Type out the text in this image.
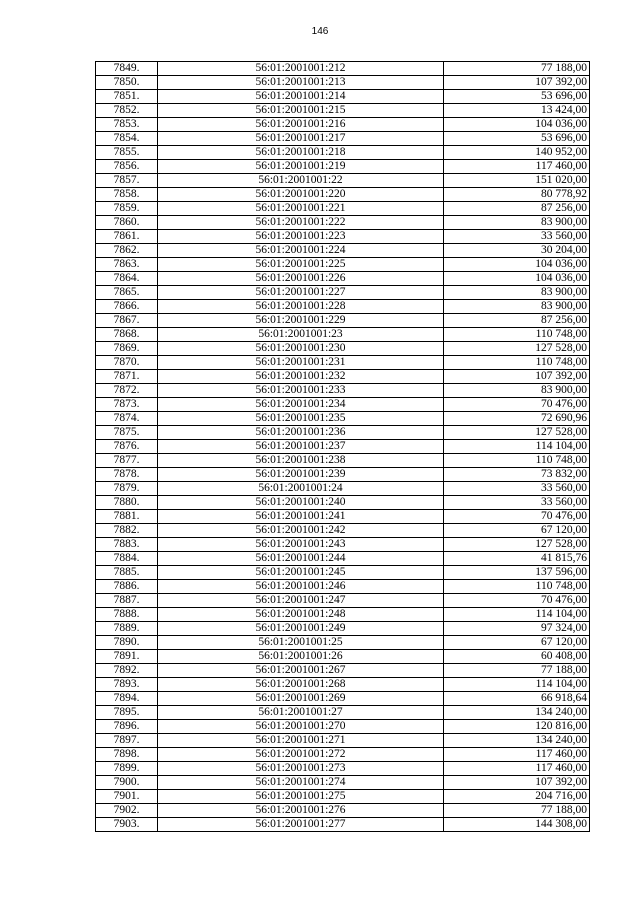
146
7849.	56:01:2001001:212	77 188,00
7850.	56:01:2001001:213	107 392,00
7851.	56:01:2001001:214	53 696,00
7852.	56:01:2001001:215	13 424,00
7853.	56:01:2001001:216	104 036,00
7854.	56:01:2001001:217	53 696,00
7855.	56:01:2001001:218	140 952,00
7856.	56:01:2001001:219	117 460,00
7857.	56:01:2001001:22	151 020,00
7858.	56:01:2001001:220	80 778,92
7859.	56:01:2001001:221	87 256,00
7860.	56:01:2001001:222	83 900,00
7861.	56:01:2001001:223	33 560,00
7862.	56:01:2001001:224	30 204,00
7863.	56:01:2001001:225	104 036,00
7864.	56:01:2001001:226	104 036,00
7865.	56:01:2001001:227	83 900,00
7866.	56:01:2001001:228	83 900,00
7867.	56:01:2001001:229	87 256,00
7868.	56:01:2001001:23	110 748,00
7869.	56:01:2001001:230	127 528,00
7870.	56:01:2001001:231	110 748,00
7871.	56:01:2001001:232	107 392,00
7872.	56:01:2001001:233	83 900,00
7873.	56:01:2001001:234	70 476,00
7874.	56:01:2001001:235	72 690,96
7875.	56:01:2001001:236	127 528,00
7876.	56:01:2001001:237	114 104,00
7877.	56:01:2001001:238	110 748,00
7878.	56:01:2001001:239	73 832,00
7879.	56:01:2001001:24	33 560,00
7880.	56:01:2001001:240	33 560,00
7881.	56:01:2001001:241	70 476,00
7882.	56:01:2001001:242	67 120,00
7883.	56:01:2001001:243	127 528,00
7884.	56:01:2001001:244	41 815,76
7885.	56:01:2001001:245	137 596,00
7886.	56:01:2001001:246	110 748,00
7887.	56:01:2001001:247	70 476,00
7888.	56:01:2001001:248	114 104,00
7889.	56:01:2001001:249	97 324,00
7890.	56:01:2001001:25	67 120,00
7891.	56:01:2001001:26	60 408,00
7892.	56:01:2001001:267	77 188,00
7893.	56:01:2001001:268	114 104,00
7894.	56:01:2001001:269	66 918,64
7895.	56:01:2001001:27	134 240,00
7896.	56:01:2001001:270	120 816,00
7897.	56:01:2001001:271	134 240,00
7898.	56:01:2001001:272	117 460,00
7899.	56:01:2001001:273	117 460,00
7900.	56:01:2001001:274	107 392,00
7901.	56:01:2001001:275	204 716,00
7902.	56:01:2001001:276	77 188,00
7903.	56:01:2001001:277	144 308,00
